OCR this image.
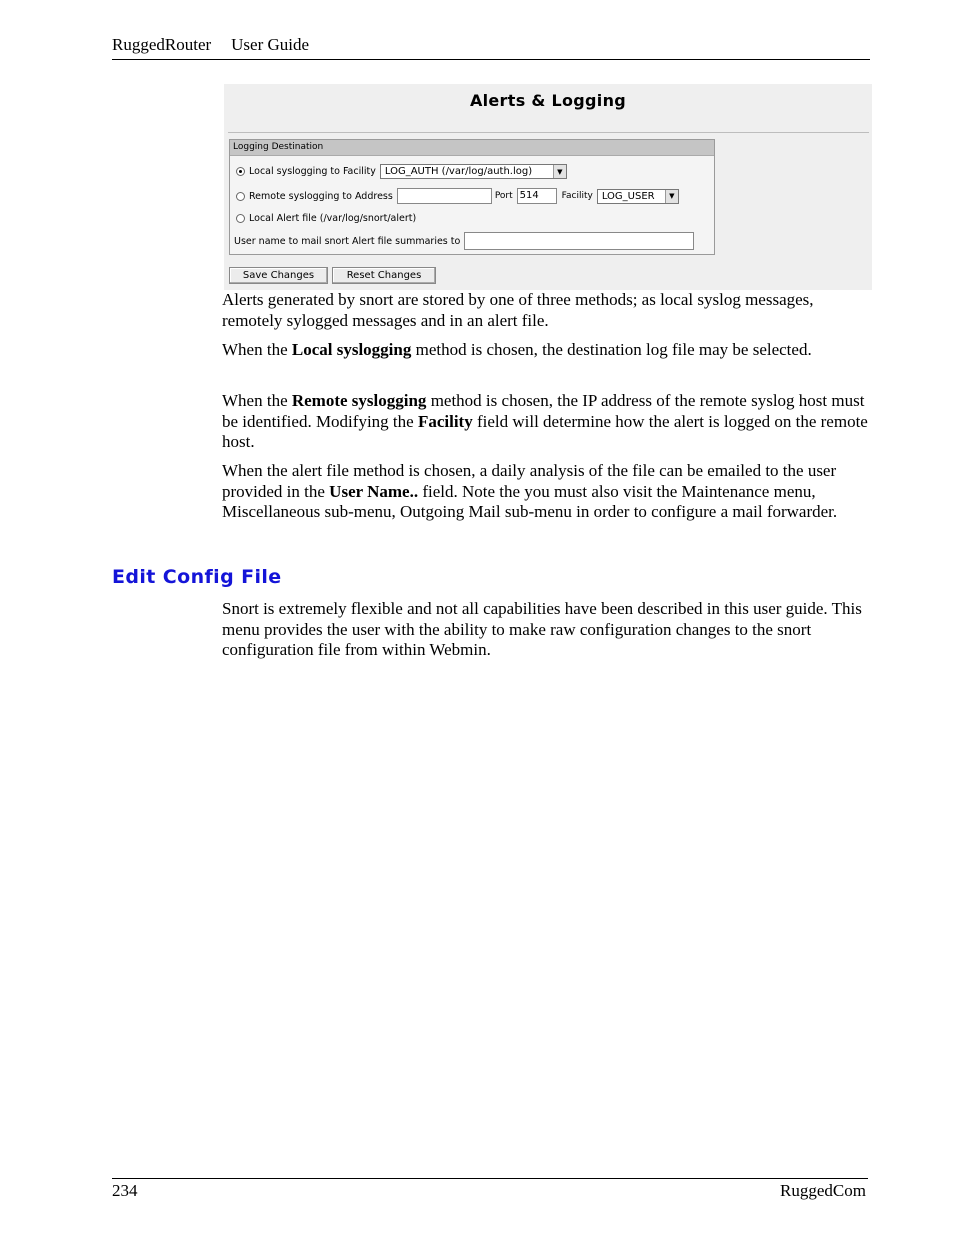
RuggedRouter User Guide
Alerts & Logging
Logging Destination
Local syslogging to Facility LOG_AUTH (/var/log/auth.log)	▼
Remote syslogging to Address	Port 514	Facility LOG_USER	▼
Local Alert file (/var/log/snort/alert)
User name to mail snort Alert file summaries to
Save Changes	Reset Changes
Alerts generated by snort are stored by one of three methods; as local syslog messages, remotely sylogged messages and in an alert file.
When the Local syslogging method is chosen, the destination log file may be selected.
When the Remote syslogging method is chosen, the IP address of the remote syslog host must be identified. Modifying the Facility field will determine how the alert is logged on the remote host.
When the alert file method is chosen, a daily analysis of the file can be emailed to the user provided in the User Name.. field. Note the you must also visit the Maintenance menu, Miscellaneous sub-menu, Outgoing Mail sub-menu in order to configure a mail forwarder.
Edit Config File
Snort is extremely flexible and not all capabilities have been described in this user guide. This menu provides the user with the ability to make raw configuration changes to the snort configuration file from within Webmin.
234	RuggedCom
